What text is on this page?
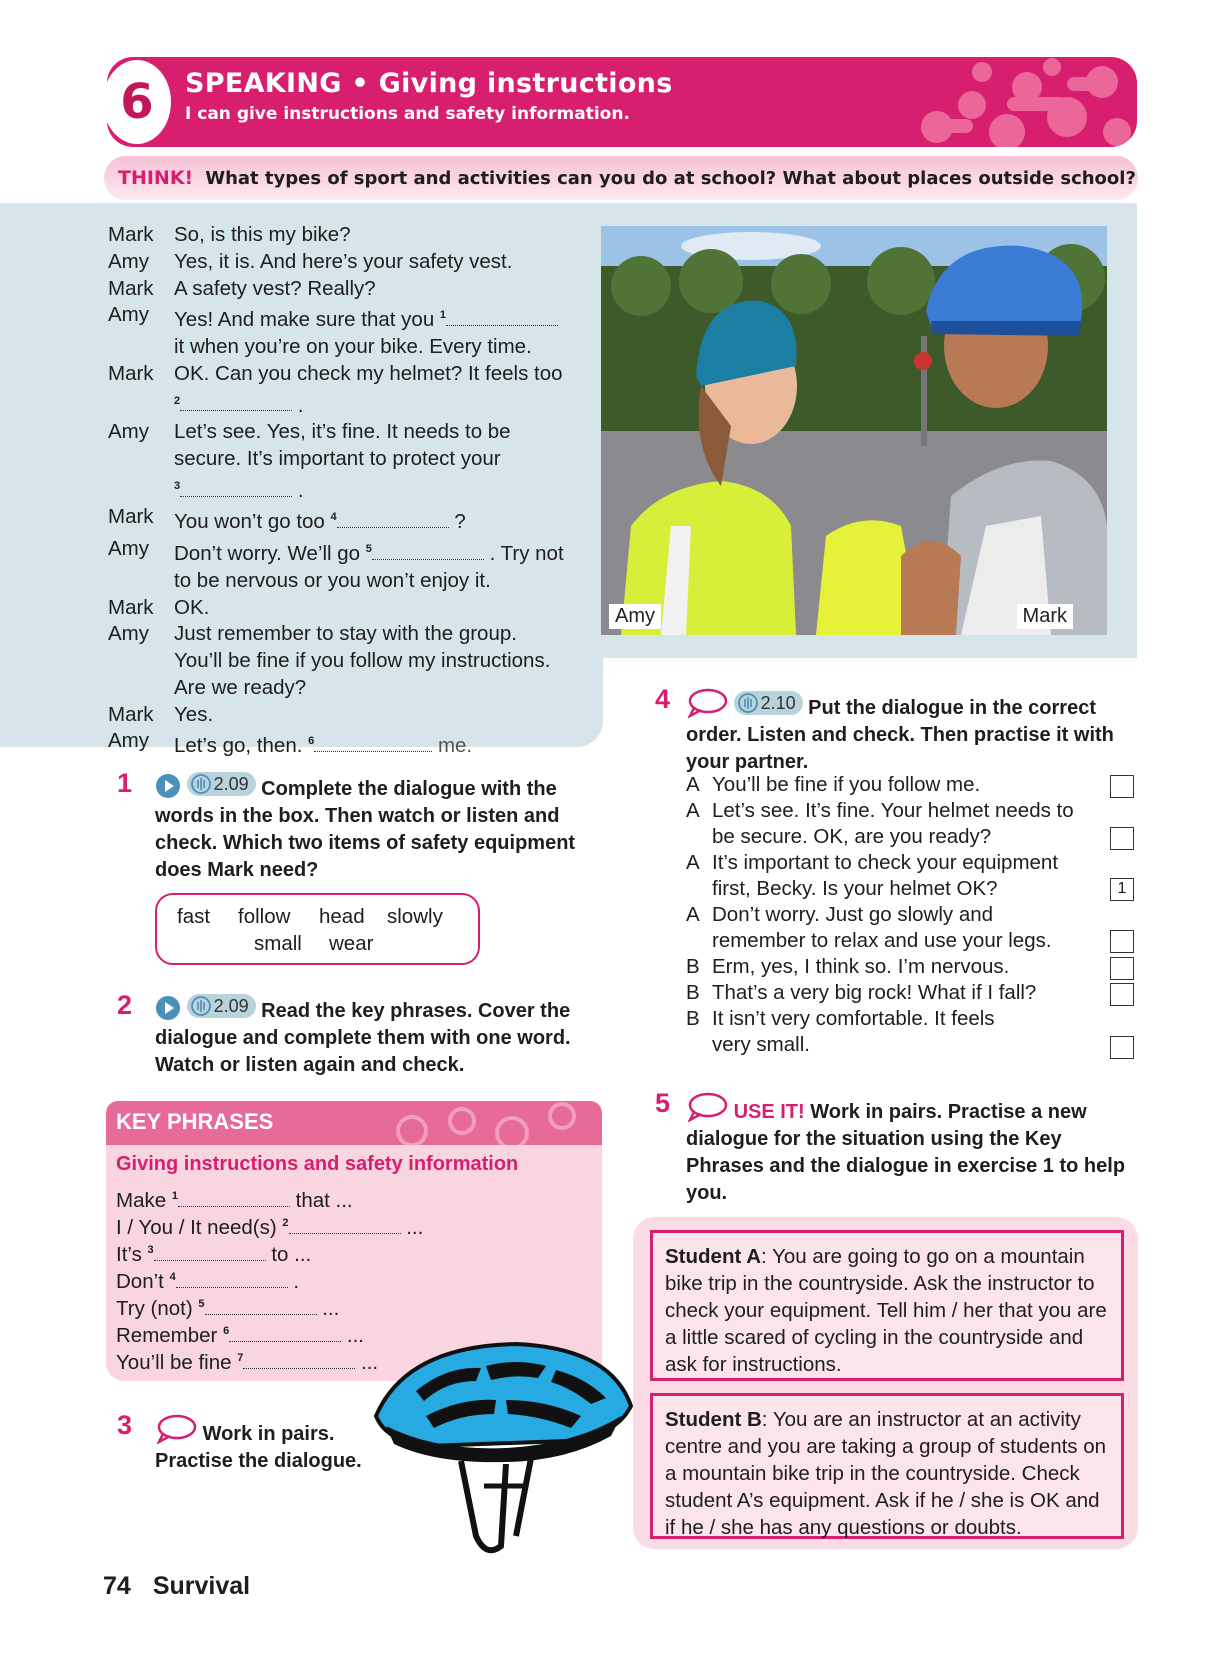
6 SPEAKING • Giving instructions
I can give instructions and safety information.
THINK! What types of sport and activities can you do at school? What about places outside school?
Mark So, is this my bike?
Amy	Yes, it is. And here’s your safety vest.
Mark A safety vest? Really?
Amy	Yes! And make sure that you $^1$
it when you’re on your bike. Every time.
Mark OK. Can you check my helmet? It feels too
$^2$	.
Amy	Let’s see. Yes, it’s fine. It needs to be
secure. It’s important to protect your
$^3$	.
Mark You won’t go too $^4$	?
Amy	Don’t worry. We’ll go $^5$	. Try not
to be nervous or you won’t enjoy it.
Mark OK.
Amy	Just remember to stay with the group.
You’ll be fine if you follow my instructions.
Are we ready?
Mark Yes.
Amy	Let’s go, then. $^6$	me.
Amy	Mark
1
	2.09 Complete the dialogue with the
words in the box. Then watch or listen and
check. Which two items of safety equipment
does Mark need?
fast follow head slowly
small wear
2
	2.09 Read the key phrases. Cover the
dialogue and complete them with one word.
Watch or listen again and check.
KEY PHRASES
Giving instructions and safety information
Make $^1$	that ...
I / You / It need(s) $^2$	...
It’s $^3$	to ...
Don’t $^4$	.
Try (not) $^5$	...
Remember $^6$	...
You’ll be fine $^7$	...
3	Work in pairs.
Practise the dialogue.
4
	2.10 Put the dialogue in the correct
order. Listen and check. Then practise it with
your partner.
A You’ll be fine if you follow me.
A Let’s see. It’s fine. Your helmet needs to
be secure. OK, are you ready?
A It’s important to check your equipment
first, Becky. Is your helmet OK?	1
A Don’t worry. Just go slowly and
remember to relax and use your legs.
B Erm, yes, I think so. I’m nervous.
B That’s a very big rock! What if I fall?
B It isn’t very comfortable. It feels
very small.
5	USE IT! Work in pairs. Practise a new
dialogue for the situation using the Key
Phrases and the dialogue in exercise 1 to help
you.
Student A: You are going to go on a mountain bike trip in the countryside. Ask the instructor to check your equipment. Tell him / her that you are a little scared of cycling in the countryside and ask for instructions.
Student B: You are an instructor at an activity centre and you are taking a group of students on a mountain bike trip in the countryside. Check student A’s equipment. Ask if he / she is OK and if he / she has any questions or doubts.
74 Survival
